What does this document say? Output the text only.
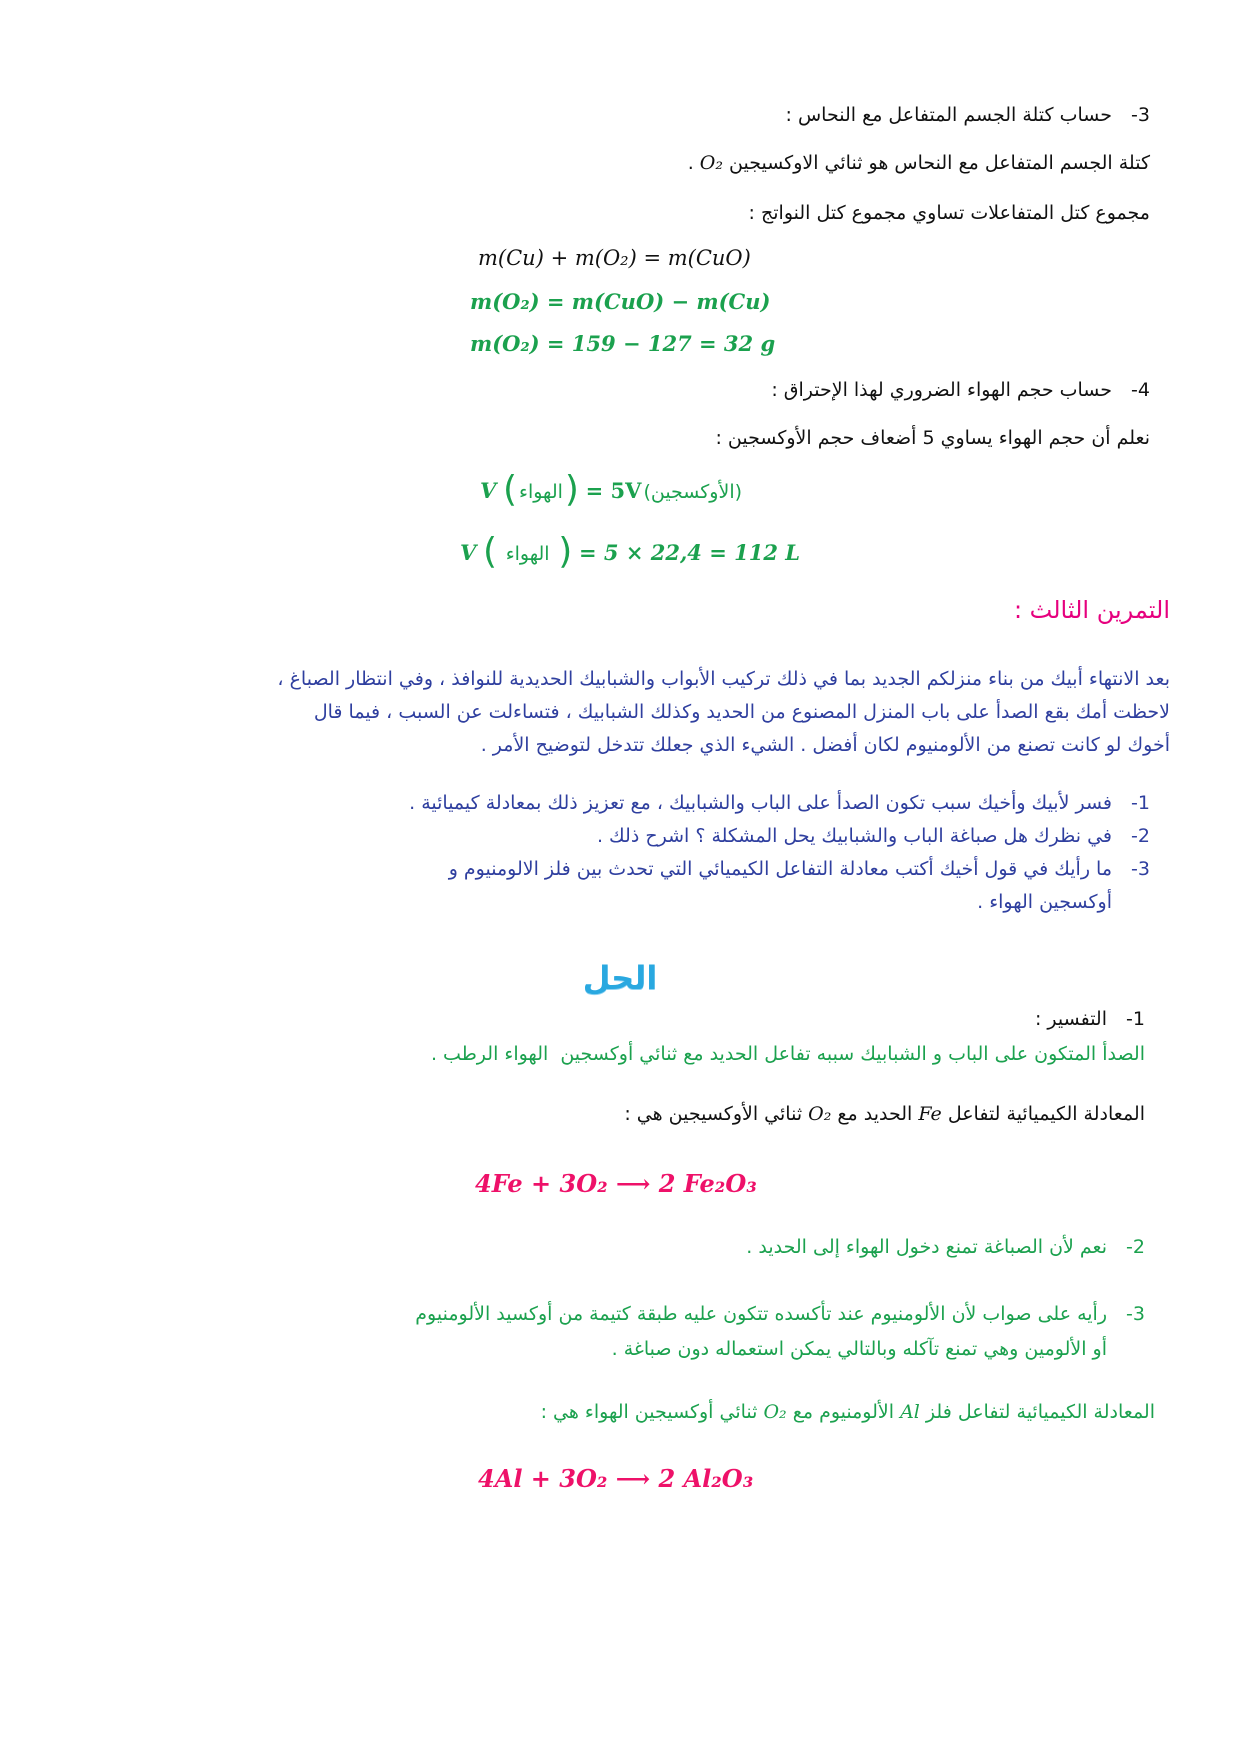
3-
حساب كتلة الجسم المتفاعل مع النحاس :
كتلة الجسم المتفاعل مع النحاس هو ثنائي الاوكسيجين O₂ .
مجموع كتل المتفاعلات تساوي مجموع كتل النواتج :
m(Cu) + m(O₂) = m(CuO)
m(O₂) = m(CuO) − m(Cu)
m(O₂) = 159 − 127 = 32 g
4-
حساب حجم الهواء الضروري لهذا الإحتراق :
نعلم أن حجم الهواء يساوي 5 أضعاف حجم الأوكسجين :
V ( الهواء) = 5V (الأوكسجين)
V ( الهواء ) = 5 × 22,4 = 112 L
التمرين الثالث :
بعد الانتهاء أبيك من بناء منزلكم الجديد بما في ذلك تركيب الأبواب والشبابيك الحديدية للنوافذ ، وفي انتظار الصباغ ،
لاحظت أمك بقع الصدأ على باب المنزل المصنوع من الحديد وكذلك الشبابيك ، فتساءلت عن السبب ، فيما قال
أخوك لو كانت تصنع من الألومنيوم لكان أفضل . الشيء الذي جعلك تتدخل لتوضيح الأمر .
1-
فسر لأبيك وأخيك سبب تكون الصدأ على الباب والشبابيك ، مع تعزيز ذلك بمعادلة كيميائية .
2-
في نظرك هل صباغة الباب والشبابيك يحل المشكلة ؟ اشرح ذلك .
3-
ما رأيك في قول أخيك أكتب معادلة التفاعل الكيميائي التي تحدث بين فلز الالومنيوم و
أوكسجين الهواء .
الحل
1-
التفسير :
الصدأ المتكون على الباب و الشبابيك سببه تفاعل الحديد مع ثنائي أوكسجين  الهواء الرطب .
المعادلة الكيميائية لتفاعل Fe الحديد مع O₂ ثنائي الأوكسيجين هي :
4Fe + 3O₂ ⟶ 2 Fe₂O₃
2-
نعم لأن الصباغة تمنع دخول الهواء إلى الحديد .
3-
رأيه على صواب لأن الألومنيوم عند تأكسده تتكون عليه طبقة كتيمة من أوكسيد الألومنيوم
أو الألومين وهي تمنع تآكله وبالتالي يمكن استعماله دون صباغة .
المعادلة الكيميائية لتفاعل فلز Al الألومنيوم مع O₂ ثنائي أوكسيجين الهواء هي :
4Al + 3O₂ ⟶ 2 Al₂O₃
